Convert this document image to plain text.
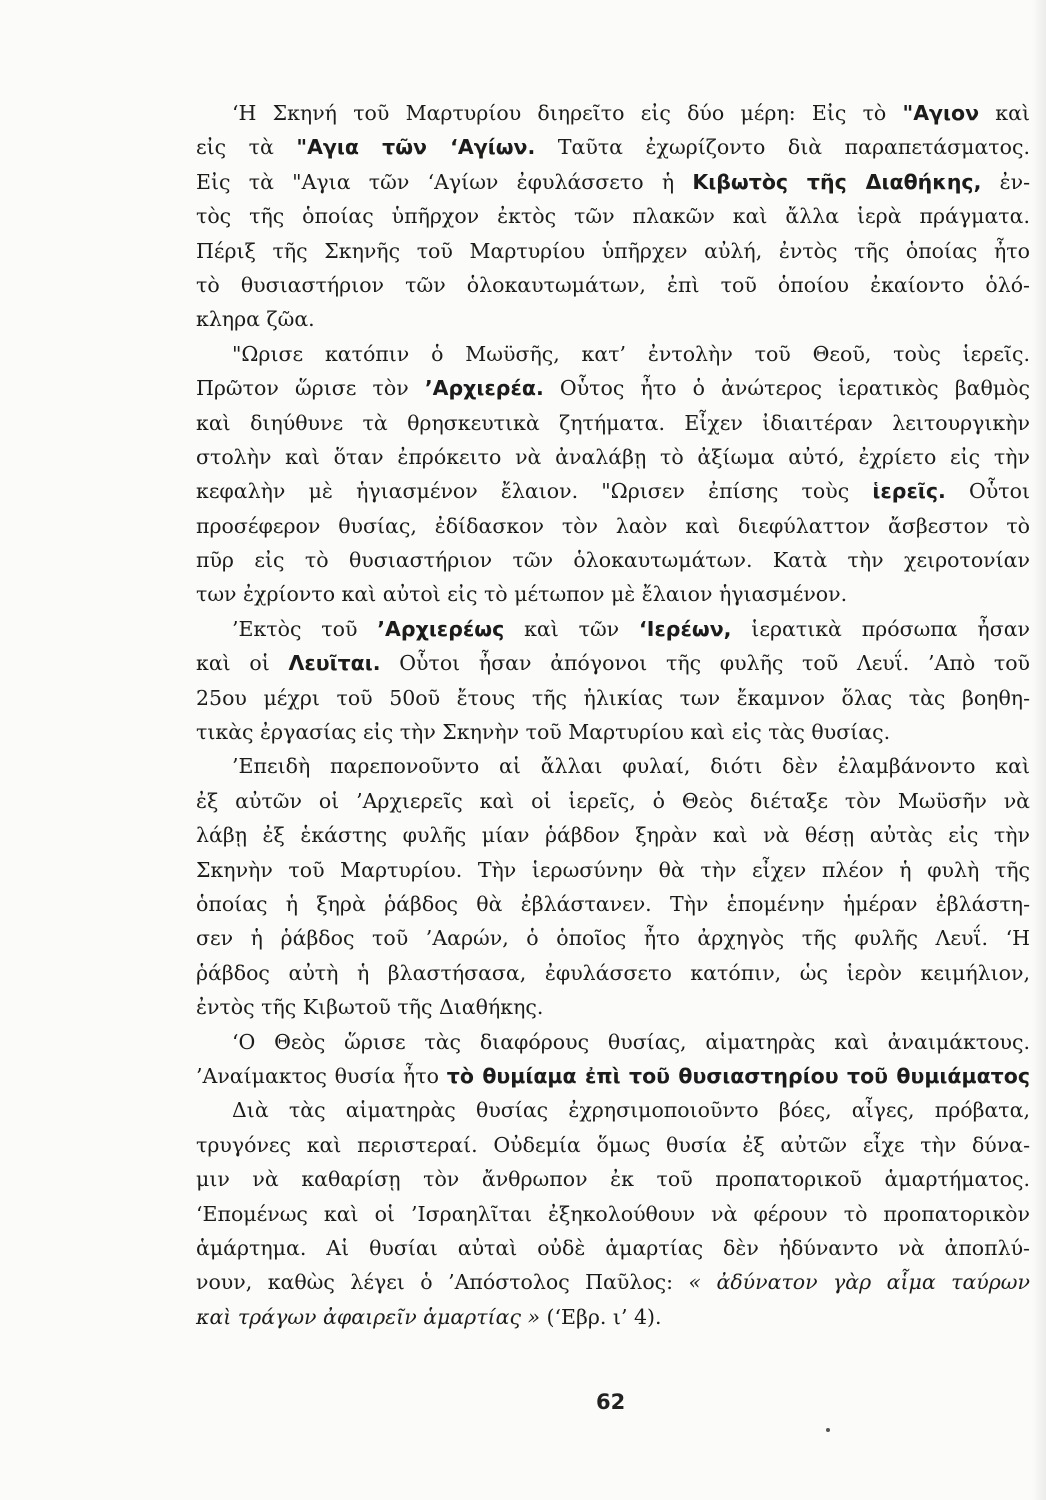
‘Η Σκηνή τοῦ Μαρτυρίου διηρεῖτο εἰς δύο μέρη: Εἰς τὸ "Αγιον καὶ
εἰς τὰ "Αγια τῶν ‘Αγίων. Ταῦτα ἐχωρίζοντο διὰ παραπετάσματος.
Εἰς τὰ "Αγια τῶν ‘Αγίων ἐφυλάσσετο ἡ Κιβωτὸς τῆς Διαθήκης, ἐν-
τὸς τῆς ὁποίας ὑπῆρχον ἐκτὸς τῶν πλακῶν καὶ ἄλλα ἱερὰ πράγματα.
Πέριξ τῆς Σκηνῆς τοῦ Μαρτυρίου ὑπῆρχεν αὐλή, ἐντὸς τῆς ὁποίας ἦτο
τὸ θυσιαστήριον τῶν ὁλοκαυτωμάτων, ἐπὶ τοῦ ὁποίου ἐκαίοντο ὁλό-
κληρα ζῶα.
"Ωρισε κατόπιν ὁ Μωϋσῆς, κατ’ ἐντολὴν τοῦ Θεοῦ, τοὺς ἱερεῖς.
Πρῶτον ὥρισε τὸν ’Αρχιερέα. Οὗτος ἦτο ὁ ἀνώτερος ἱερατικὸς βαθμὸς
καὶ διηύθυνε τὰ θρησκευτικὰ ζητήματα. Εἶχεν ἰδιαιτέραν λειτουργικὴν
στολὴν καὶ ὅταν ἐπρόκειτο νὰ ἀναλάβῃ τὸ ἀξίωμα αὐτό, ἐχρίετο εἰς τὴν
κεφαλὴν μὲ ἡγιασμένον ἔλαιον. "Ωρισεν ἐπίσης τοὺς ἱερεῖς. Οὗτοι
προσέφερον θυσίας, ἐδίδασκον τὸν λαὸν καὶ διεφύλαττον ἄσβεστον τὸ
πῦρ εἰς τὸ θυσιαστήριον τῶν ὁλοκαυτωμάτων. Κατὰ τὴν χειροτονίαν
των ἐχρίοντο καὶ αὐτοὶ εἰς τὸ μέτωπον μὲ ἔλαιον ἡγιασμένον.
’Εκτὸς τοῦ ’Αρχιερέως καὶ τῶν ‘Ιερέων, ἱερατικὰ πρόσωπα ἦσαν
καὶ οἱ Λευῖται. Οὗτοι ἦσαν ἀπόγονοι τῆς φυλῆς τοῦ Λευΐ. ’Απὸ τοῦ
25ου μέχρι τοῦ 50οῦ ἔτους τῆς ἡλικίας των ἔκαμνον ὅλας τὰς βοηθη-
τικὰς ἐργασίας εἰς τὴν Σκηνὴν τοῦ Μαρτυρίου καὶ εἰς τὰς θυσίας.
’Επειδὴ παρεπονοῦντο αἱ ἄλλαι φυλαί, διότι δὲν ἐλαμβάνοντο καὶ
ἐξ αὐτῶν οἱ ’Αρχιερεῖς καὶ οἱ ἱερεῖς, ὁ Θεὸς διέταξε τὸν Μωϋσῆν νὰ
λάβῃ ἐξ ἑκάστης φυλῆς μίαν ῥάβδον ξηρὰν καὶ νὰ θέσῃ αὐτὰς εἰς τὴν
Σκηνὴν τοῦ Μαρτυρίου. Τὴν ἱερωσύνην θὰ τὴν εἶχεν πλέον ἡ φυλὴ τῆς
ὁποίας ἡ ξηρὰ ῥάβδος θὰ ἐβλάστανεν. Τὴν ἑπομένην ἡμέραν ἐβλάστη-
σεν ἡ ῥάβδος τοῦ ’Ααρών, ὁ ὁποῖος ἦτο ἀρχηγὸς τῆς φυλῆς Λευΐ. ‘Η
ῥάβδος αὐτὴ ἡ βλαστήσασα, ἐφυλάσσετο κατόπιν, ὡς ἱερὸν κειμήλιον,
ἐντὸς τῆς Κιβωτοῦ τῆς Διαθήκης.
‘Ο Θεὸς ὥρισε τὰς διαφόρους θυσίας, αἱματηρὰς καὶ ἀναιμάκτους.
’Αναίμακτος θυσία ἦτο τὸ θυμίαμα ἐπὶ τοῦ θυσιαστηρίου τοῦ θυμιάματος
Διὰ τὰς αἱματηρὰς θυσίας ἐχρησιμοποιοῦντο βόες, αἶγες, πρόβατα,
τρυγόνες καὶ περιστεραί. Οὐδεμία ὅμως θυσία ἐξ αὐτῶν εἶχε τὴν δύνα-
μιν νὰ καθαρίσῃ τὸν ἄνθρωπον ἐκ τοῦ προπατορικοῦ ἁμαρτήματος.
‘Επομένως καὶ οἱ ’Ισραηλῖται ἐξηκολούθουν νὰ φέρουν τὸ προπατορικὸν
ἁμάρτημα. Αἱ θυσίαι αὐταὶ οὐδὲ ἁμαρτίας δὲν ἠδύναντο νὰ ἀποπλύ-
νουν, καθὼς λέγει ὁ ’Απόστολος Παῦλος: « ἀδύνατον γὰρ αἷμα ταύρων
καὶ τράγων ἀφαιρεῖν ἁμαρτίας » (‘Εβρ. ι’ 4).
62
